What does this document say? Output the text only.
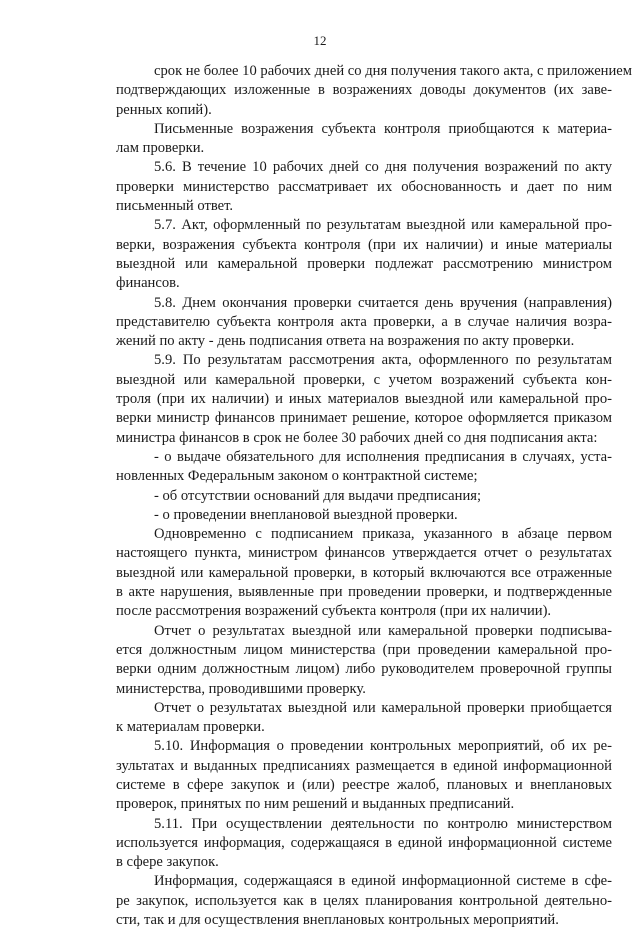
12

срок не более 10 рабочих дней со дня получения такого акта, с приложением
подтверждающих изложенные в возражениях доводы документов (их заве-
ренных копий).

Письменные возражения субъекта контроля приобщаются к материа-
лам проверки.

5.6. В течение 10 рабочих дней со дня получения возражений по акту
проверки министерство рассматривает их обоснованность и дает по ним
письменный ответ.

5.7. Акт, оформленный по результатам выездной или камеральной про-
верки, возражения субъекта контроля (при их наличии) и иные материалы
выездной или камеральной проверки подлежат рассмотрению министром
финансов.

5.8. Днем окончания проверки считается день вручения (направления)
представителю субъекта контроля акта проверки, а в случае наличия возра-
жений по акту - день подписания ответа на возражения по акту проверки.

5.9. По результатам рассмотрения акта, оформленного по результатам
выездной или камеральной проверки, с учетом возражений субъекта кон-
троля (при их наличии) и иных материалов выездной или камеральной про-
верки министр финансов принимает решение, которое оформляется приказом
министра финансов в срок не более 30 рабочих дней со дня подписания акта:

- о выдаче обязательного для исполнения предписания в случаях, уста-
новленных Федеральным законом о контрактной системе;

- об отсутствии оснований для выдачи предписания;

- о проведении внеплановой выездной проверки.

Одновременно с подписанием приказа, указанного в абзаце первом
настоящего пункта, министром финансов утверждается отчет о результатах
выездной или камеральной проверки, в который включаются все отраженные
в акте нарушения, выявленные при проведении проверки, и подтвержденные
после рассмотрения возражений субъекта контроля (при их наличии).

Отчет о результатах выездной или камеральной проверки подписыва-
ется должностным лицом министерства (при проведении камеральной про-
верки одним должностным лицом) либо руководителем проверочной группы
министерства, проводившими проверку.

Отчет о результатах выездной или камеральной проверки приобщается
к материалам проверки.

5.10. Информация о проведении контрольных мероприятий, об их ре-
зультатах и выданных предписаниях размещается в единой информационной
системе в сфере закупок и (или) реестре жалоб, плановых и внеплановых
проверок, принятых по ним решений и выданных предписаний.

5.11. При осуществлении деятельности по контролю министерством
используется информация, содержащаяся в единой информационной системе
в сфере закупок.

Информация, содержащаяся в единой информационной системе в сфе-
ре закупок, используется как в целях планирования контрольной деятельно-
сти, так и для осуществления внеплановых контрольных мероприятий.
